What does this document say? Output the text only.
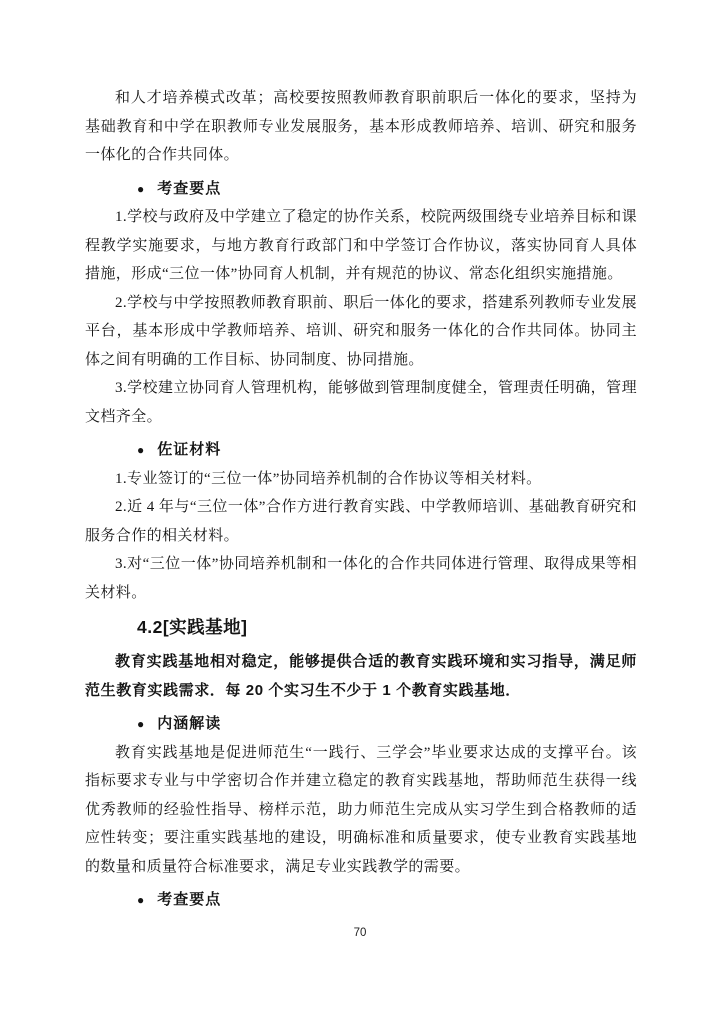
和人才培养模式改革；高校要按照教师教育职前职后一体化的要求，坚持为基础教育和中学在职教师专业发展服务，基本形成教师培养、培训、研究和服务一体化的合作共同体。

● 考查要点

1.学校与政府及中学建立了稳定的协作关系，校院两级围绕专业培养目标和课程教学实施要求，与地方教育行政部门和中学签订合作协议，落实协同育人具体措施，形成“三位一体”协同育人机制，并有规范的协议、常态化组织实施措施。

2.学校与中学按照教师教育职前、职后一体化的要求，搭建系列教师专业发展平台，基本形成中学教师培养、培训、研究和服务一体化的合作共同体。协同主体之间有明确的工作目标、协同制度、协同措施。

3.学校建立协同育人管理机构，能够做到管理制度健全，管理责任明确，管理文档齐全。

● 佐证材料

1.专业签订的“三位一体”协同培养机制的合作协议等相关材料。

2.近 4 年与“三位一体”合作方进行教育实践、中学教师培训、基础教育研究和服务合作的相关材料。

3.对“三位一体”协同培养机制和一体化的合作共同体进行管理、取得成果等相关材料。

4.2[实践基地]

教育实践基地相对稳定，能够提供合适的教育实践环境和实习指导，满足师范生教育实践需求．每 20 个实习生不少于 1 个教育实践基地．

● 内涵解读

教育实践基地是促进师范生“一践行、三学会”毕业要求达成的支撑平台。该指标要求专业与中学密切合作并建立稳定的教育实践基地，帮助师范生获得一线优秀教师的经验性指导、榜样示范，助力师范生完成从实习学生到合格教师的适应性转变；要注重实践基地的建设，明确标准和质量要求，使专业教育实践基地的数量和质量符合标准要求，满足专业实践教学的需要。

● 考查要点
70
